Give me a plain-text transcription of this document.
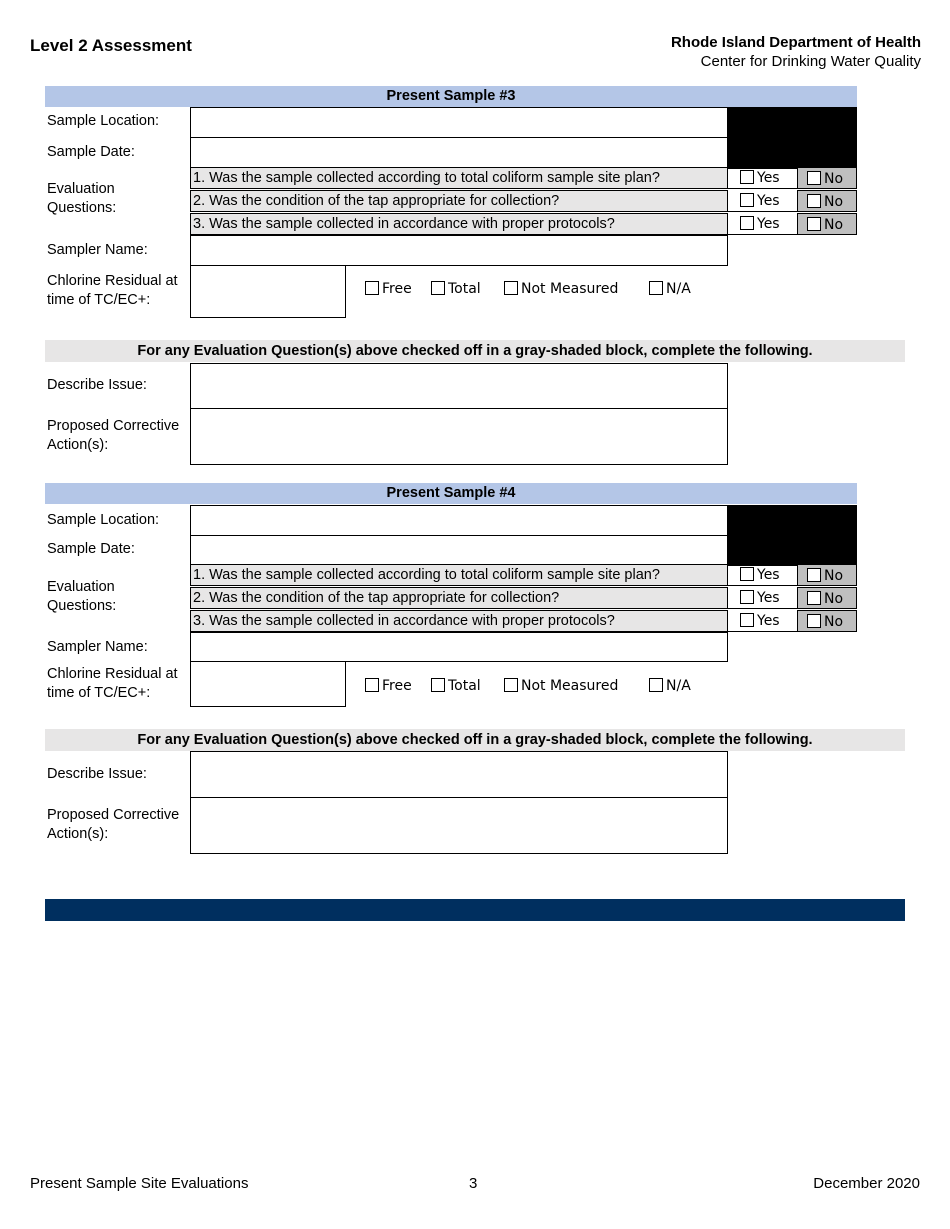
Level 2 Assessment	Rhode Island Department of Health
Center for Drinking Water Quality
Present Sample #3
Sample Location:
Sample Date:
Evaluation Questions:
1. Was the sample collected according to total coliform sample site plan?	Yes	No
2. Was the condition of the tap appropriate for collection?	Yes	No
3. Was the sample collected in accordance with proper protocols?	Yes	No
Sampler Name:
Chlorine Residual at time of TC/EC+:
Free	Total	Not Measured	N/A
For any Evaluation Question(s) above checked off in a gray-shaded block, complete the following.
Describe Issue:
Proposed Corrective Action(s):
Present Sample #4
Sample Location:
Sample Date:
Evaluation Questions:
1. Was the sample collected according to total coliform sample site plan?	Yes	No
2. Was the condition of the tap appropriate for collection?	Yes	No
3. Was the sample collected in accordance with proper protocols?	Yes	No
Sampler Name:
Chlorine Residual at time of TC/EC+:	Free	Total	Not Measured	N/A
For any Evaluation Question(s) above checked off in a gray-shaded block, complete the following.
Describe Issue:
Proposed Corrective Action(s):
Present Sample Site Evaluations	3	December 2020
